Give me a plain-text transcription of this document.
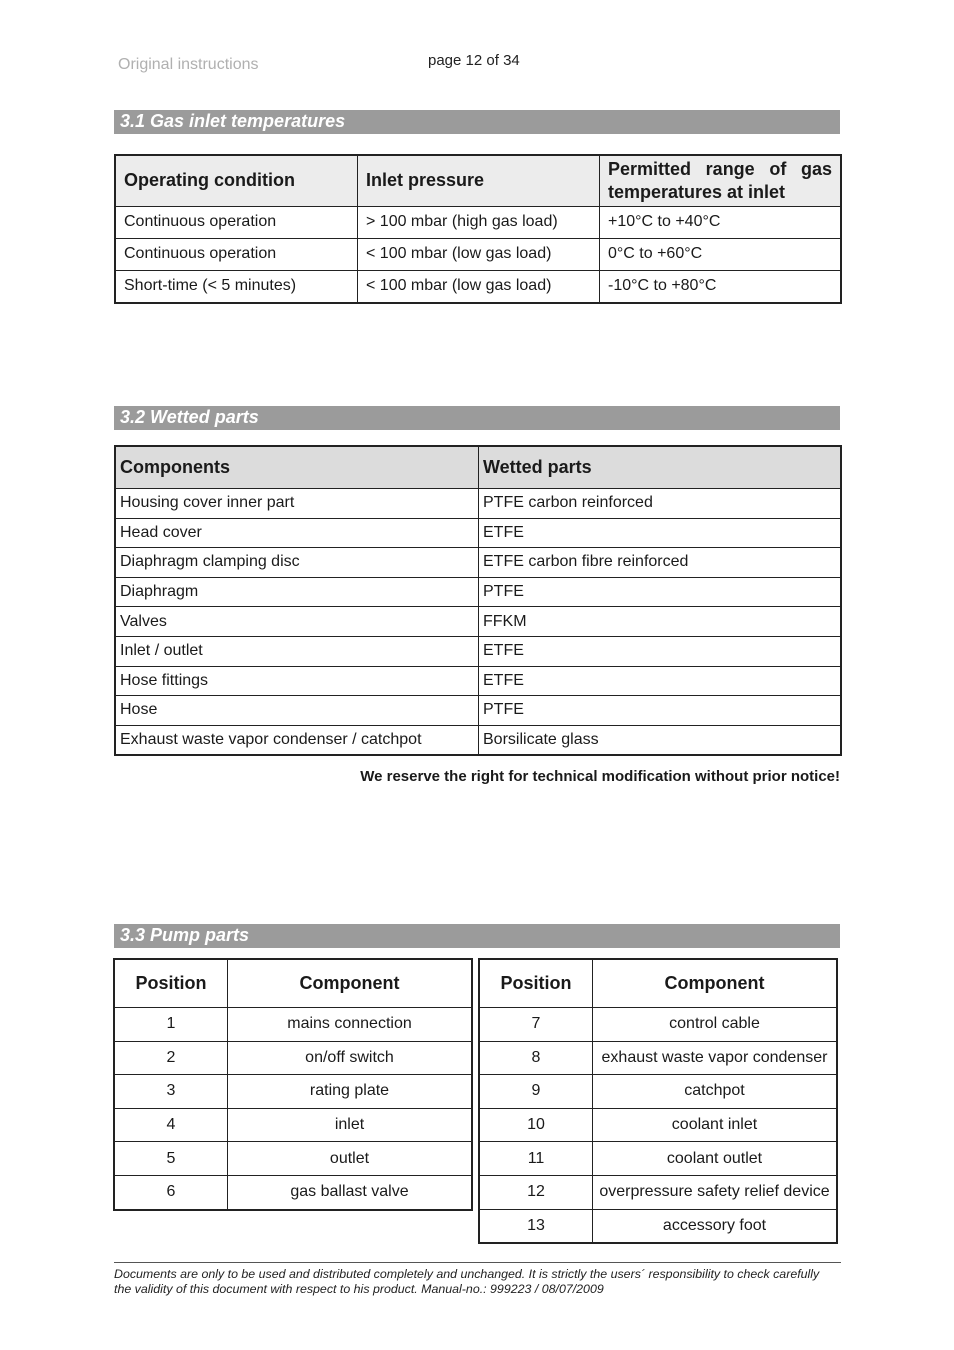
Original instructions	page 12 of 34
3.1 Gas inlet temperatures
Operating condition	Inlet pressure	Permitted range of gas temperatures at inlet
Continuous operation	> 100 mbar (high gas load)	+10°C to +40°C
Continuous operation	< 100 mbar (low gas load)	0°C to +60°C
Short-time (< 5 minutes)	< 100 mbar (low gas load)	-10°C to +80°C
3.2 Wetted parts
Components	Wetted parts
Housing cover inner part	PTFE carbon reinforced
Head cover	ETFE
Diaphragm clamping disc	ETFE carbon fibre reinforced
Diaphragm	PTFE
Valves	FFKM
Inlet / outlet	ETFE
Hose fittings	ETFE
Hose	PTFE
Exhaust waste vapor condenser / catchpot	Borsilicate glass
We reserve the right for technical modification without prior notice!
3.3 Pump parts
Position	Component
1	mains connection
2	on/off switch
3	rating plate
4	inlet
5	outlet
6	gas ballast valve
Position	Component
7	control cable
8	exhaust waste vapor condenser
9	catchpot
10	coolant inlet
11	coolant outlet
12	overpressure safety relief device
13	accessory foot
Documents are only to be used and distributed completely and unchanged. It is strictly the users´ responsibility to check carefully
the validity of this document with respect to his product. Manual-no.: 999223 / 08/07/2009
